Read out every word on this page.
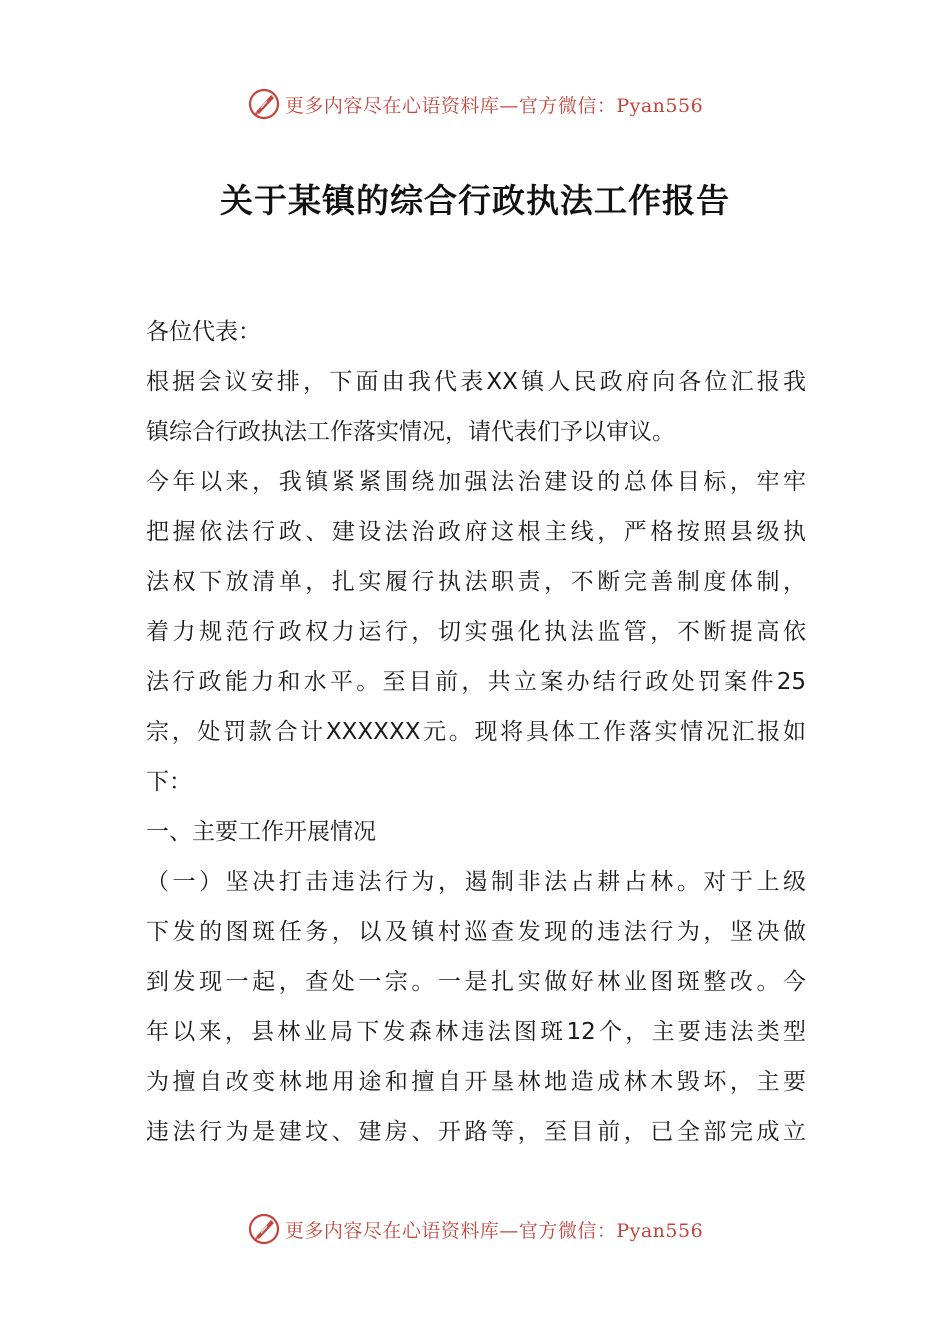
更多内容尽在心语资料库—官方微信：Pyan556
关于某镇的综合行政执法工作报告
各位代表：
根据会议安排，下面由我代表XX镇人民政府向各位汇报我
镇综合行政执法工作落实情况，请代表们予以审议。
今年以来，我镇紧紧围绕加强法治建设的总体目标，牢牢
把握依法行政、建设法治政府这根主线，严格按照县级执
法权下放清单，扎实履行执法职责，不断完善制度体制，
着力规范行政权力运行，切实强化执法监管，不断提高依
法行政能力和水平。至目前，共立案办结行政处罚案件25
宗，处罚款合计XXXXXX元。现将具体工作落实情况汇报如
下：
一、主要工作开展情况
（一）坚决打击违法行为，遏制非法占耕占林。对于上级
下发的图斑任务，以及镇村巡查发现的违法行为，坚决做
到发现一起，查处一宗。一是扎实做好林业图斑整改。今
年以来，县林业局下发森林违法图斑12个，主要违法类型
为擅自改变林地用途和擅自开垦林地造成林木毁坏，主要
违法行为是建坟、建房、开路等，至目前，已全部完成立
更多内容尽在心语资料库—官方微信：Pyan556
